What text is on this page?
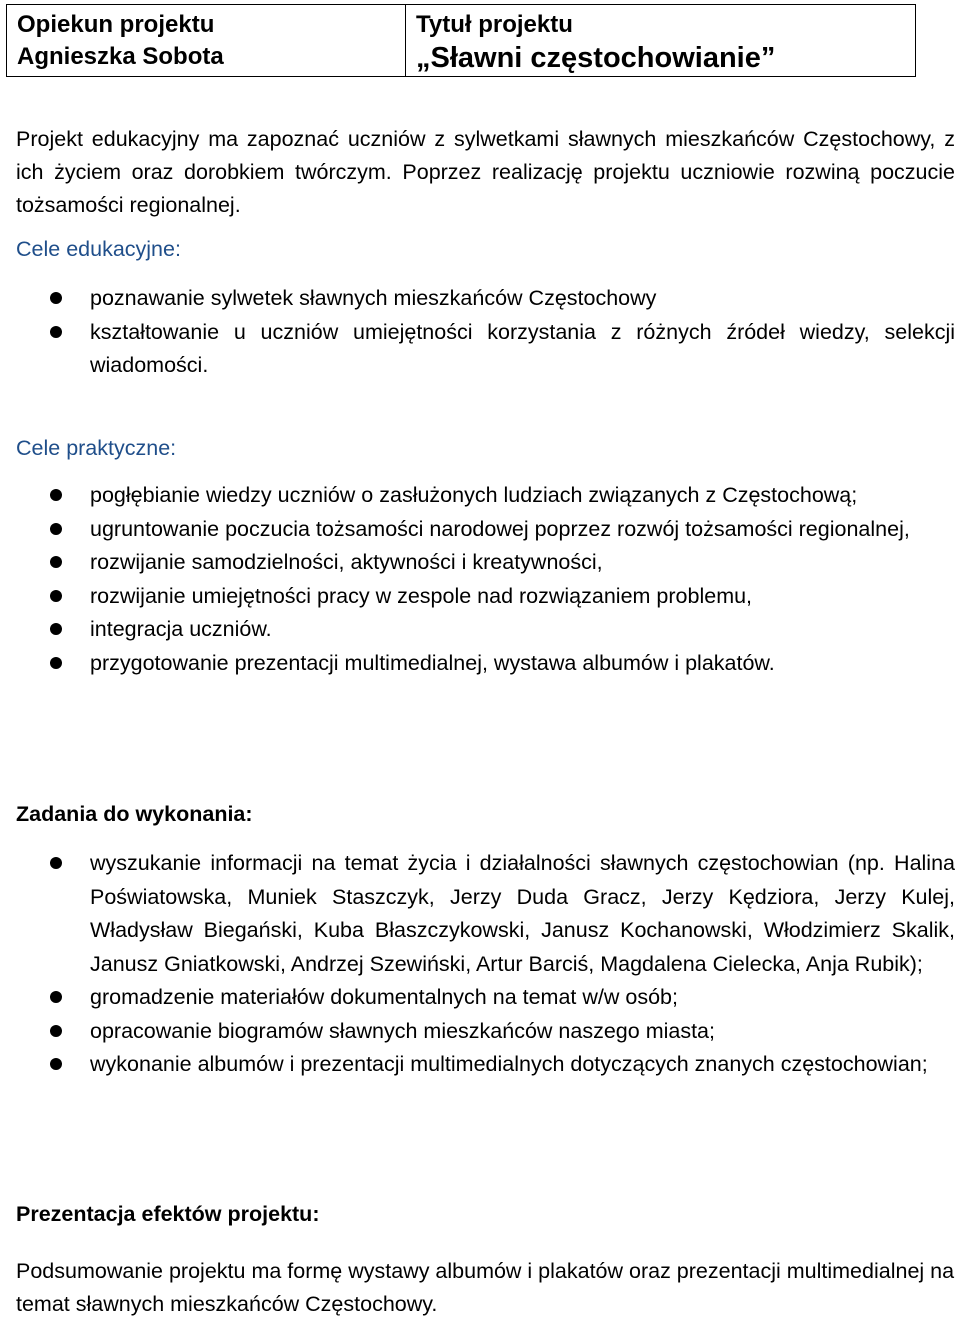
Opiekun projektu
Agnieszka Sobota

Tytuł projektu
„Sławni częstochowianie”

Projekt edukacyjny ma zapoznać uczniów z sylwetkami sławnych mieszkańców Częstochowy, z ich życiem oraz dorobkiem twórczym. Poprzez realizację projektu uczniowie rozwiną poczucie tożsamości regionalnej.

Cele edukacyjne:
poznawanie sylwetek sławnych mieszkańców Częstochowy
kształtowanie u uczniów umiejętności korzystania z różnych źródeł wiedzy, selekcji wiadomości.
Cele praktyczne:
pogłębianie wiedzy uczniów o zasłużonych ludziach związanych z Częstochową;
ugruntowanie poczucia tożsamości narodowej poprzez rozwój tożsamości regionalnej,
rozwijanie samodzielności, aktywności i kreatywności,
rozwijanie umiejętności pracy w zespole nad rozwiązaniem problemu,
integracja uczniów.
przygotowanie prezentacji multimedialnej, wystawa albumów i plakatów.
Zadania do wykonania:
wyszukanie informacji na temat życia i działalności sławnych częstochowian (np. Halina Poświatowska, Muniek Staszczyk, Jerzy Duda Gracz, Jerzy Kędziora, Jerzy Kulej, Władysław Biegański, Kuba Błaszczykowski, Janusz Kochanowski, Włodzimierz Skalik, Janusz Gniatkowski, Andrzej Szewiński, Artur Barciś, Magdalena Cielecka, Anja Rubik);
gromadzenie materiałów dokumentalnych na temat w/w osób;
opracowanie biogramów sławnych mieszkańców naszego miasta;
wykonanie albumów i prezentacji multimedialnych dotyczących znanych częstochowian;
Prezentacja efektów projektu:

Podsumowanie projektu ma formę wystawy albumów i plakatów oraz prezentacji multimedialnej na temat sławnych mieszkańców Częstochowy.
